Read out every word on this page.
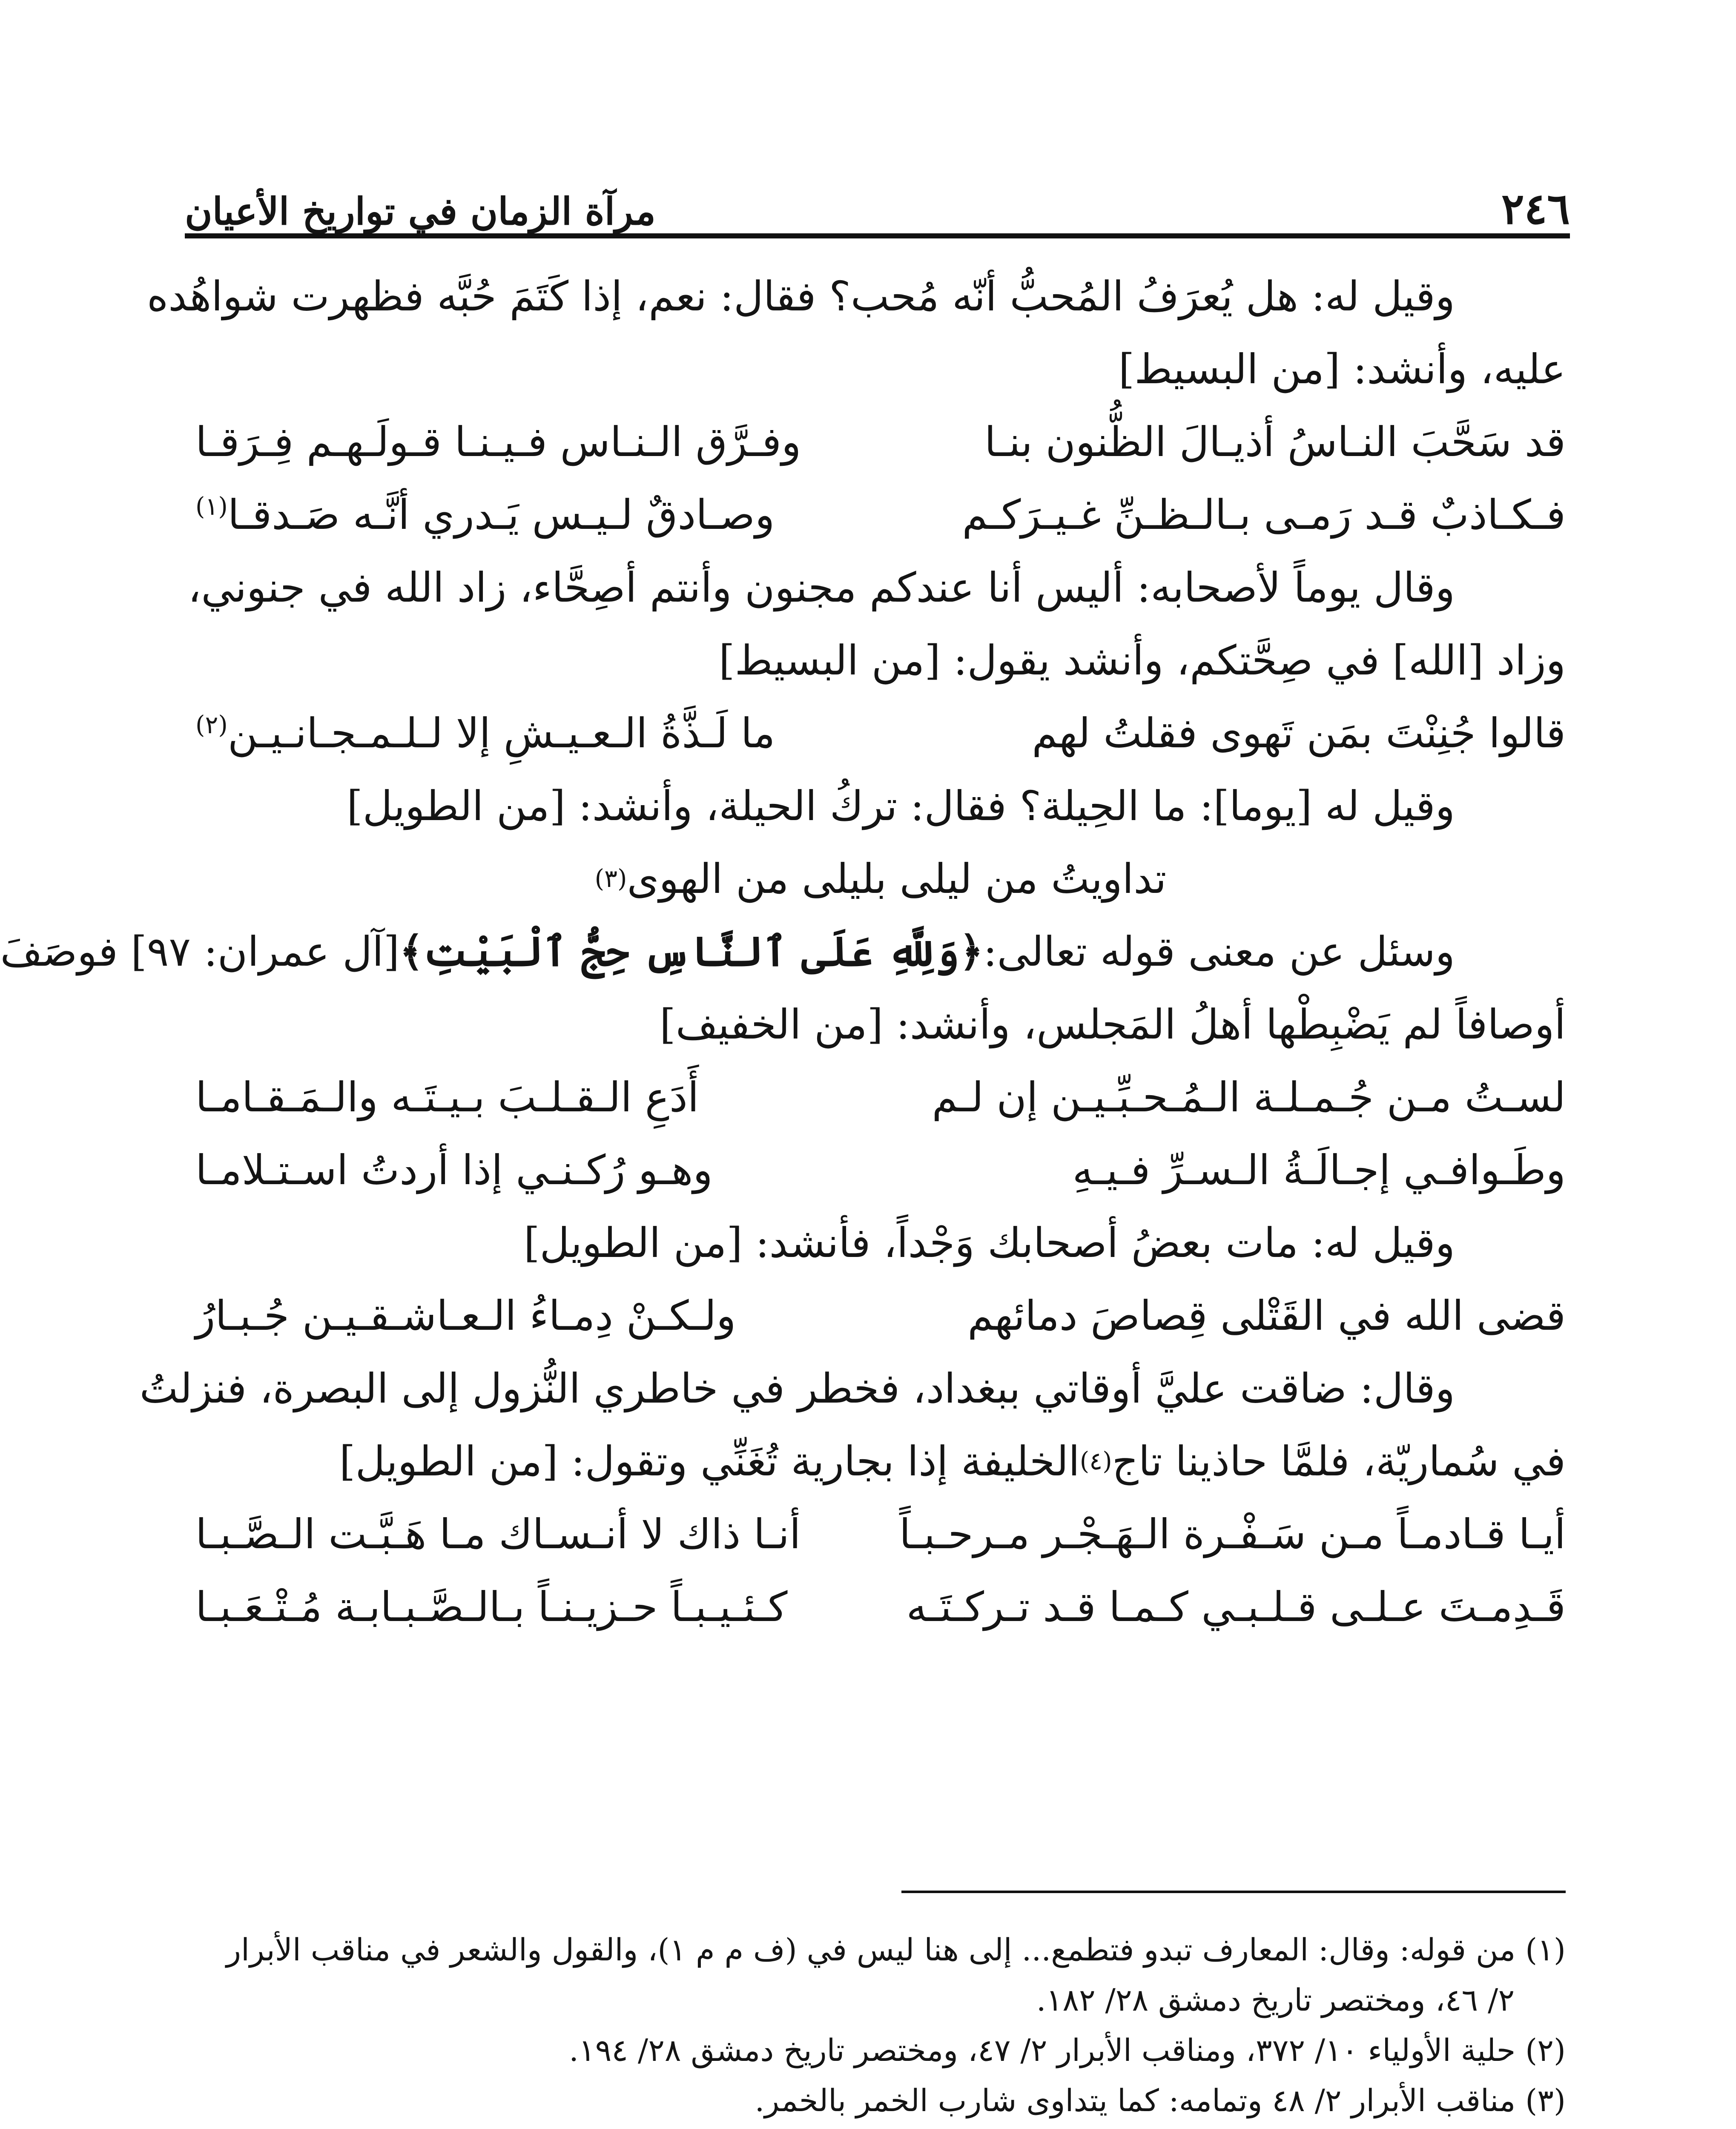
٢٤٦
مرآة الزمان في تواريخ الأعيان
وقيل له: هل يُعرَفُ المُحبُّ أنّه مُحب؟ فقال: نعم، إذا كَتَمَ حُبَّه فظهرت شواهُده
عليه، وأنشد: [من البسيط]
قد سَحَّبَ النـاسُ أذيـالَ الظُّنون بنـا
وفـرَّق الـنـاس فـيـنـا قـولَـهـم فِـرَقـا
فـكـاذبٌ قـد رَمـى بـالـظـنِّ غـيـرَكـم
وصـادقٌ لـيـس يَـدري أنَّـه صَـدقـا$^{(١)}$
وقال يوماً لأصحابه: أليس أنا عندكم مجنون وأنتم أصِحَّاء، زاد الله في جنوني،
وزاد [الله] في صِحَّتكم، وأنشد يقول: [من البسيط]
قالوا جُنِنْتَ بمَن تَهوى فقلتُ لهم
ما لَـذَّةُ الـعـيـشِ إلا لـلـمـجـانـيـن$^{(٢)}$
وقيل له [يوما]: ما الحِيلة؟ فقال: تركُ الحيلة، وأنشد: [من الطويل]
تداويتُ من ليلى بليلى من الهوى
(٣)
وسئل عن معنى قوله تعالى:
﴿وَلِلَّهِ عَلَى ٱلنَّاسِ حِجُّ ٱلْبَيْتِ﴾
[آل عمران: ٩٧] فوصَفَ
أوصافاً لم يَضْبِطْها أهلُ المَجلس، وأنشد: [من الخفيف]
لسـتُ مـن جُـمـلـة الـمُـحـبِّـيـن إن لـم
أَدَعِ الـقـلـبَ بـيـتَـه والـمَـقـامـا
وطَـوافـي إجـالَـةُ الـسـرِّ فـيـهِ
وهـو رُكـنـي إذا أردتُ اسـتـلامـا
وقيل له: مات بعضُ أصحابك وَجْداً، فأنشد: [من الطويل]
قضى الله في القَتْلى قِصاصَ دمائهم
ولـكـنْ دِمـاءُ الـعـاشـقـيـن جُـبـارُ
وقال: ضاقت عليَّ أوقاتي ببغداد، فخطر في خاطري النُّزول إلى البصرة، فنزلتُ
في سُماريّة، فلمَّا حاذينا تاج
(٤)
الخليفة إذا بجارية تُغَنِّي وتقول: [من الطويل]
أيـا قـادمـاً مـن سَـفْـرة الـهَـجْـر مـرحـبـاً
أنـا ذاك لا أنـسـاك مـا هَـبَّـت الـصَّـبـا
قَـدِمـتَ عـلـى قـلـبـي كـمـا قـد تـركـتَـه
كـئـيـبـاً حـزيـنـاً بـالـصَّـبـابـة مُـتْـعَـبـا
(١) من قوله: وقال: المعارف تبدو فتطمع... إلى هنا ليس في (ف م م ١)، والقول والشعر في مناقب الأبرار
٢/ ٤٦، ومختصر تاريخ دمشق ٢٨/ ١٨٢.
(٢) حلية الأولياء ١٠/ ٣٧٢، ومناقب الأبرار ٢/ ٤٧، ومختصر تاريخ دمشق ٢٨/ ١٩٤.
(٣) مناقب الأبرار ٢/ ٤٨ وتمامه: كما يتداوى شارب الخمر بالخمر.
